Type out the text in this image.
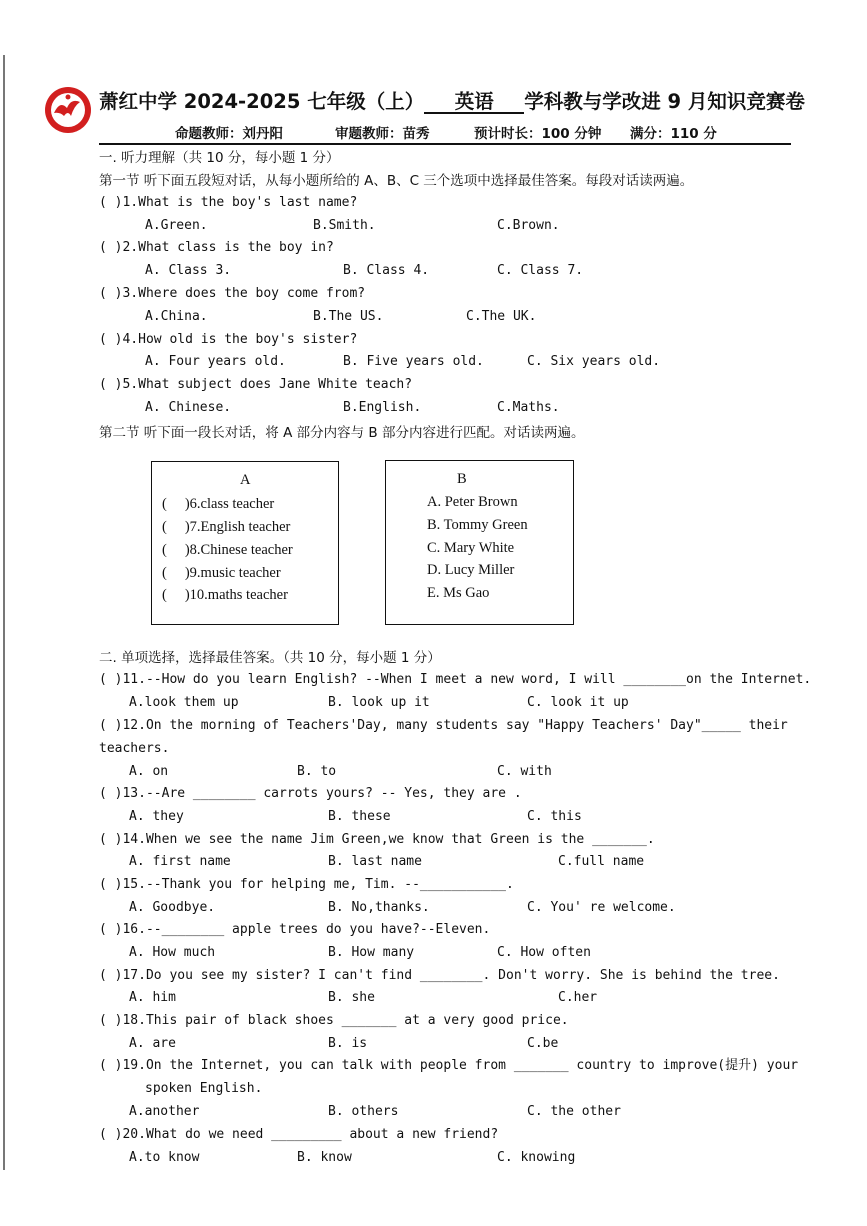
萧红中学 2024-2025 七年级（上） 英语 学科教与学改进 9 月知识竞赛卷
命题教师：刘丹阳	审题教师：苗秀	预计时长：100 分钟 满分：110 分
一. 听力理解（共 10 分，每小题 1 分）
第一节 听下面五段短对话，从每小题所给的 A、B、C 三个选项中选择最佳答案。每段对话读两遍。
( )1.What is the boy's last name?
A.Green.	B.Smith.	C.Brown.
( )2.What class is the boy in?
A. Class 3.	B. Class 4.	C. Class 7.
( )3.Where does the boy come from?
A.China.	B.The US.	C.The UK.
( )4.How old is the boy's sister?
A. Four years old.	B. Five years old.	C. Six years old.
( )5.What subject does Jane White teach?
A. Chinese.	B.English.	C.Maths.
第二节 听下面一段长对话，将 A 部分内容与 B 部分内容进行匹配。对话读两遍。
A
( )6.class teacher
( )7.English teacher
( )8.Chinese teacher
( )9.music teacher
( )10.maths teacher
B
A. Peter Brown
B. Tommy Green
C. Mary White
D. Lucy Miller
E. Ms Gao
二. 单项选择，选择最佳答案。（共 10 分，每小题 1 分）
( )11.--How do you learn English? --When I meet a new word, I will ________on the Internet.
A.look them up	B. look up it	C. look it up
( )12.On the morning of Teachers'Day, many students say "Happy Teachers' Day"_____ their
teachers.
A. on	B. to	C. with
( )13.--Are ________ carrots yours? -- Yes, they are .
A. they	B. these	C. this
( )14.When we see the name Jim Green,we know that Green is the _______.
A. first name	B. last name	C.full name
( )15.--Thank you for helping me, Tim. --___________.
A. Goodbye.	B. No,thanks.	C. You' re welcome.
( )16.--________ apple trees do you have?--Eleven.
A. How much	B. How many	C. How often
( )17.Do you see my sister? I can't find ________. Don't worry. She is behind the tree.
A. him	B. she	C.her
( )18.This pair of black shoes _______ at a very good price.
A. are	B. is	C.be
( )19.On the Internet, you can talk with people from _______ country to improve(提升) your
spoken English.
A.another	B. others	C. the other
( )20.What do we need _________ about a new friend?
A.to know	B. know	C. knowing
